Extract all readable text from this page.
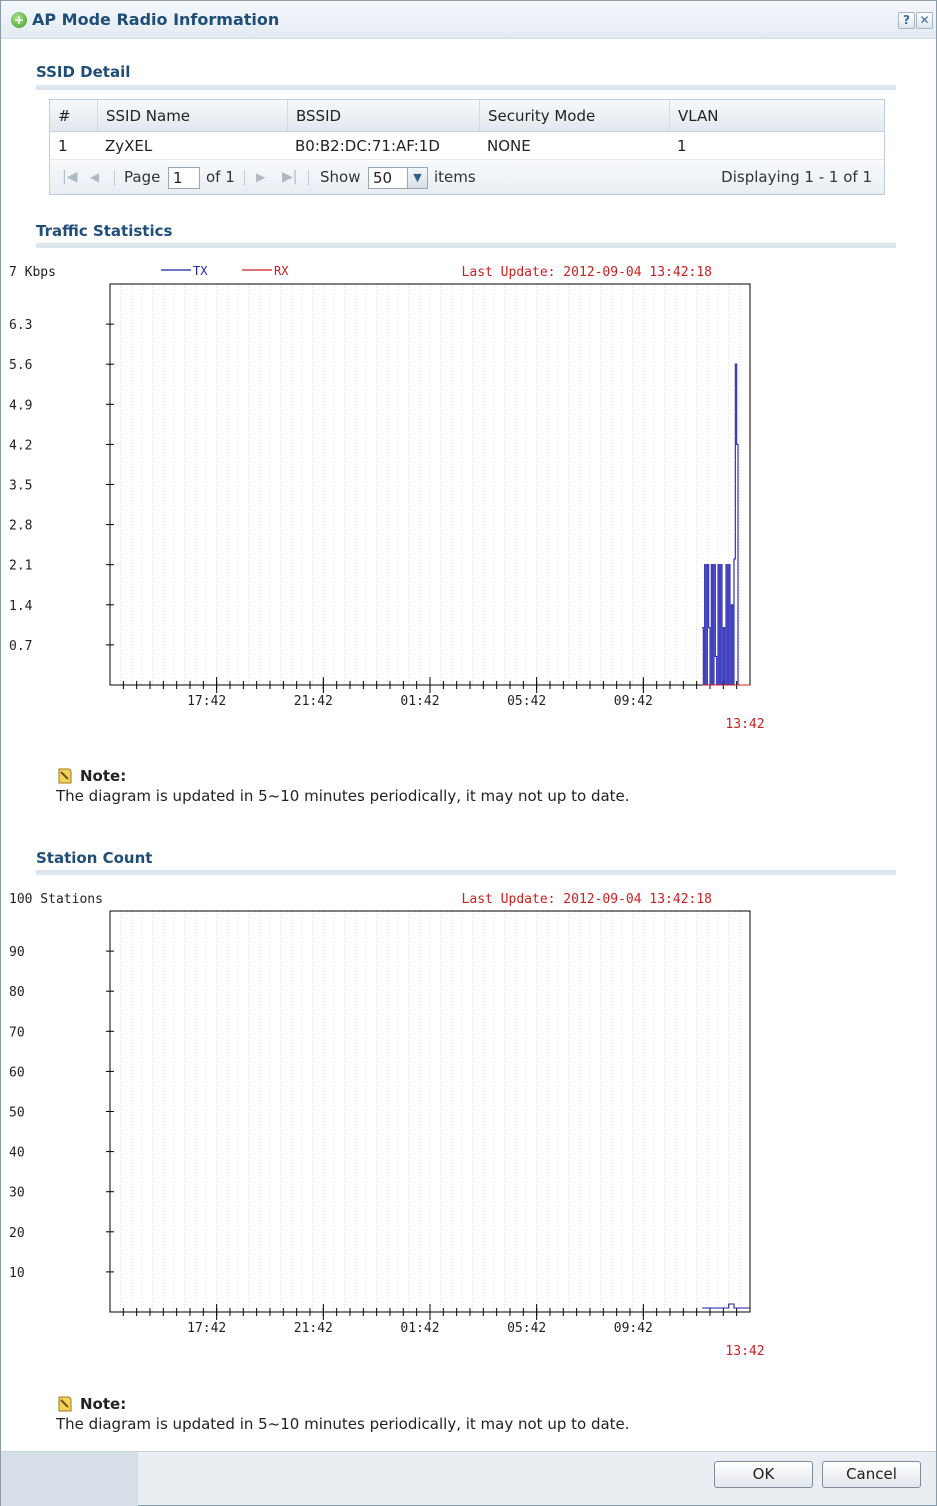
+ AP Mode Radio Information	? ✕
SSID Detail
#	SSID Name	BSSID	Security Mode	VLAN
1	ZyXEL	B0:B2:DC:71:AF:1D	NONE	1
|◀ ◀ Page 1	of 1 ▶ ▶| Show 50	▼ items	Displaying 1 - 1 of 1
Traffic Statistics
7 Kbps	Last Update: 2012-09-04 13:42:18
TX	RX
6.3
5.6
4.9
4.2
3.5
2.8
2.1
1.4
0.7
17:42	21:42	01:42	05:42	09:42
13:42
Note:
The diagram is updated in 5~10 minutes periodically, it may not up to date.
Station Count
100 Stations	Last Update: 2012-09-04 13:42:18
90
80
70
60
50
40
30
20
10
17:42	21:42	01:42	05:42	09:42
13:42
Note:
The diagram is updated in 5~10 minutes periodically, it may not up to date.
OK	Cancel
